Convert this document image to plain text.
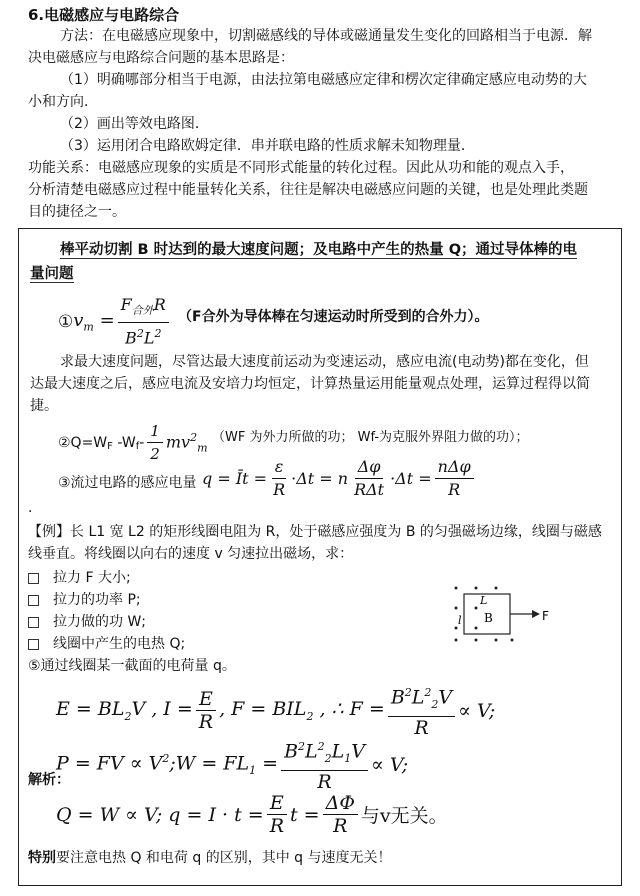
6.电磁感应与电路综合
方法：在电磁感应现象中，切割磁感线的导体或磁通量发生变化的回路相当于电源．解
决电磁感应与电路综合问题的基本思路是：
（1）明确哪部分相当于电源，由法拉第电磁感应定律和楞次定律确定感应电动势的大
小和方向．
（2）画出等效电路图．
（3）运用闭合电路欧姆定律．串并联电路的性质求解未知物理量．
功能关系：电磁感应现象的实质是不同形式能量的转化过程。因此从功和能的观点入手，
分析清楚电磁感应过程中能量转化关系，往往是解决电磁感应问题的关键，也是处理此类题
目的捷径之一。
棒平动切割 B 时达到的最大速度问题；及电路中产生的热量 Q；通过导体棒的电
量问题
① $v_m = \frac{F_{合外}R}{B^2L^2} (F$合外为导体棒在匀速运动时所受到的合外力）。
求最大速度问题，尽管达最大速度前运动为变速运动，感应电流(电动势)都在变化，但
达最大速度之后，感应电流及安培力均恒定，计算热量运用能量观点处理，运算过程得以简
捷。
②Q=W F -W f - $\frac{1}{2} mv^2_m$
（WF 为外力所做的功； Wf-为克服外界阻力做的功）；
③流过电路的感应电量 q = Īt = $\frac{\varepsilon}{R} \cdot\Delta t = n \frac{\Delta\varphi}{\text{RΔt}} \cdot\Delta t = \frac{\text{nΔφ}}{R}$
.
【例】长 L1 宽 L2 的矩形线圈电阻为 R，处于磁感应强度为 B 的匀强磁场边缘，线圈与磁感
线垂直。将线圈以向右的速度 v 匀速拉出磁场，求：
拉力 F 大小;
拉力的功率 P;
拉力做的功 W;
线圈中产生的电热 Q;
⑤通过线圈某一截面的电荷量 q。
L
B
l	F
$E = BL_2V$ , $I = \frac{E}{R}$ , $F = BIL_2$ , ∴ $F = \frac{B^2L^2_2V}{R} \propto V$;
P = FV ∝ $V^2;W = FL_1 = \frac{B^2L^2_2L_1V}{R} \propto V$;
解析：
Q = W ∝ V; $q = I \cdot t = \frac{E}{R}$ $t = \frac{\Delta\Phi}{R}$ 与v无关。
特别要注意电热 Q 和电荷 q 的区别，其中 q 与速度无关！
